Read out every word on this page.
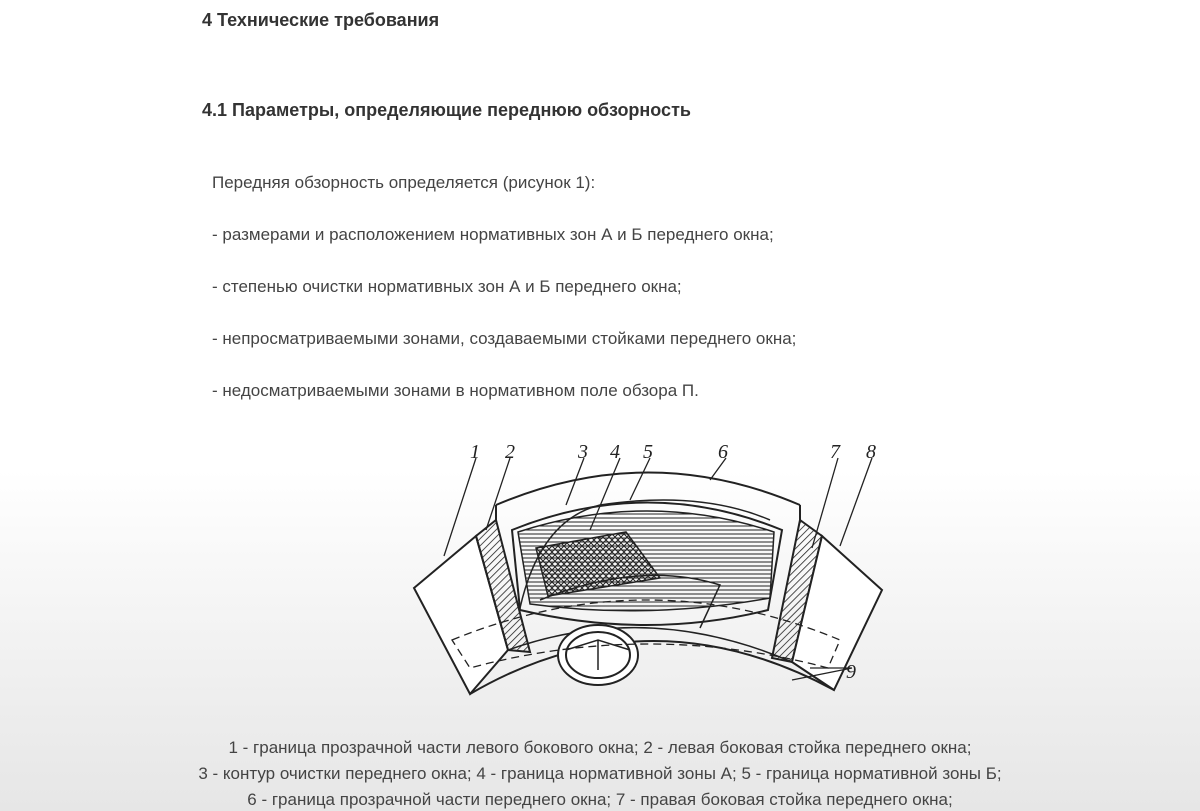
4 Технические требования
4.1 Параметры, определяющие переднюю обзорность
Передняя обзорность определяется (рисунок 1):
- размерами и расположением нормативных зон А и Б переднего окна;
- степенью очистки нормативных зон А и Б переднего окна;
- непросматриваемыми зонами, создаваемыми стойками переднего окна;
- недосматриваемыми зонами в нормативном поле обзора П.
1 2	3 4 5	6	7 8
9
1 - граница прозрачной части левого бокового окна; 2 - левая боковая стойка переднего окна;
3 - контур очистки переднего окна; 4 - граница нормативной зоны А; 5 - граница нормативной зоны Б;
6 - граница прозрачной части переднего окна; 7 - правая боковая стойка переднего окна;
